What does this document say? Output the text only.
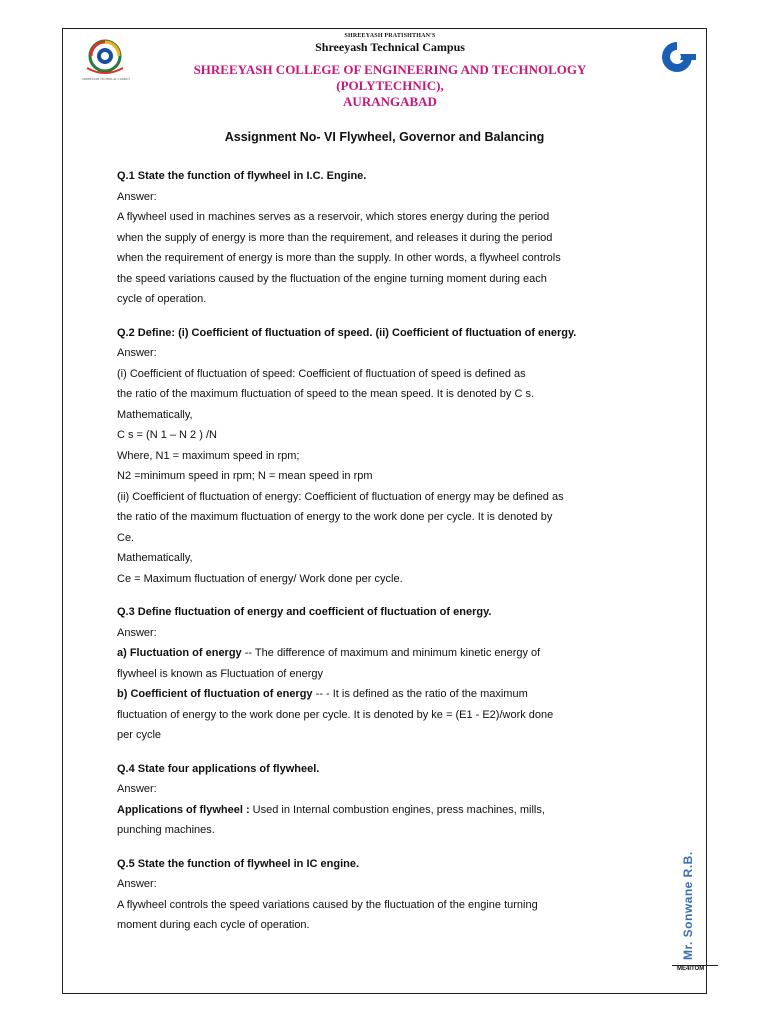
SHREEYASH TECHNICAL CAMPUS
SHREEYASH PRATISHTHAN'S
Shreeyash Technical Campus
SHREEYASH COLLEGE OF ENGINEERING AND TECHNOLOGY (POLYTECHNIC),
AURANGABAD
Assignment No- VI Flywheel, Governor and Balancing

Q.1 State the function of flywheel in I.C. Engine.

Answer:

A flywheel used in machines serves as a reservoir, which stores energy during the period

when the supply of energy is more than the requirement, and releases it during the period

when the requirement of energy is more than the supply. In other words, a flywheel controls

the speed variations caused by the fluctuation of the engine turning moment during each

cycle of operation.

Q.2 Define: (i) Coefficient of fluctuation of speed. (ii) Coefficient of fluctuation of energy.

Answer:

(i) Coefficient of fluctuation of speed: Coefficient of fluctuation of speed is defined as

the ratio of the maximum fluctuation of speed to the mean speed. It is denoted by C s.

Mathematically,

C s = (N 1 – N 2 ) /N

Where, N1 = maximum speed in rpm;

N2 =minimum speed in rpm; N = mean speed in rpm

(ii) Coefficient of fluctuation of energy: Coefficient of fluctuation of energy may be defined as

the ratio of the maximum fluctuation of energy to the work done per cycle. It is denoted by

Ce.

Mathematically,

Ce = Maximum fluctuation of energy/ Work done per cycle.

Q.3 Define fluctuation of energy and coefficient of fluctuation of energy.

Answer:

a) Fluctuation of energy -- The difference of maximum and minimum kinetic energy of

flywheel is known as Fluctuation of energy

b) Coefficient of fluctuation of energy -- - It is defined as the ratio of the maximum

fluctuation of energy to the work done per cycle. It is denoted by ke = (E1 - E2)/work done

per cycle

Q.4 State four applications of flywheel.

Answer:

Applications of flywheel : Used in Internal combustion engines, press machines, mills,

punching machines.

Q.5 State the function of flywheel in IC engine.

Answer:

A flywheel controls the speed variations caused by the fluctuation of the engine turning

moment during each cycle of operation.	Mr. Sonwane R.B.
ME4ITOM
